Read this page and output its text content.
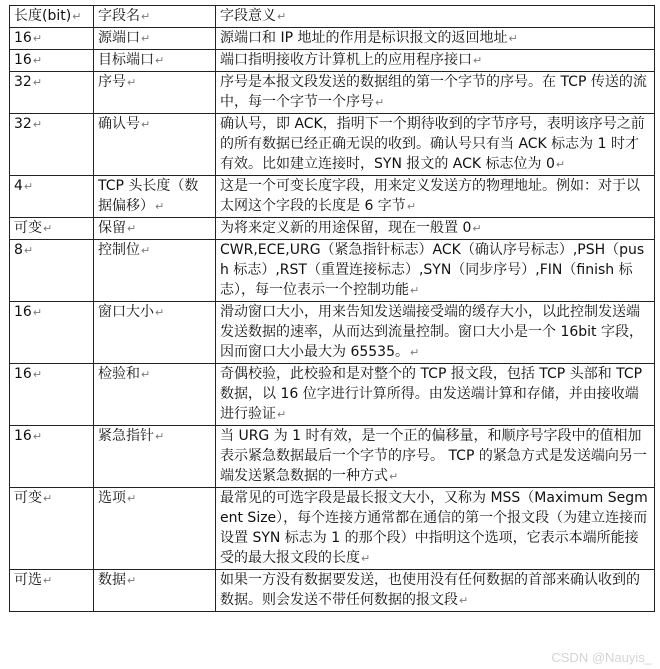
长度(bit)↵	字段名↵	字段意义↵
16↵	源端口↵	源端口和 IP 地址的作用是标识报文的返回地址↵
16↵	目标端口↵	端口指明接收方计算机上的应用程序接口↵
32↵	序号↵	序号是本报文段发送的数据组的第一个字节的序号。在 TCP 传送的流中，每一个字节一个序号↵
32↵	确认号↵	确认号，即 ACK，指明下一个期待收到的字节序号，表明该序号之前的所有数据已经正确无误的收到。确认号只有当 ACK 标志为 1 时才有效。比如建立连接时，SYN 报文的 ACK 标志位为 0↵
4↵	TCP 头长度（数据偏移）↵	这是一个可变长度字段，用来定义发送方的物理地址。例如：对于以太网这个字段的长度是 6 字节↵
可变↵	保留↵	为将来定义新的用途保留，现在一般置 0↵
8↵	控制位↵	CWR,ECE,URG（紧急指针标志）ACK（确认序号标志）,PSH（push 标志）,RST（重置连接标志）,SYN（同步序号）,FIN（finish 标志），每一位表示一个控制功能↵
16↵	窗口大小↵	滑动窗口大小，用来告知发送端接受端的缓存大小，以此控制发送端发送数据的速率，从而达到流量控制。窗口大小是一个 16bit 字段，因而窗口大小最大为 65535。↵
16↵	检验和↵	奇偶校验，此校验和是对整个的 TCP 报文段，包括 TCP 头部和 TCP 数据，以 16 位字进行计算所得。由发送端计算和存储，并由接收端进行验证↵
16↵	紧急指针↵	当 URG 为 1 时有效，是一个正的偏移量，和顺序号字段中的值相加表示紧急数据最后一个字节的序号。 TCP 的紧急方式是发送端向另一端发送紧急数据的一种方式↵
可变↵	选项↵	最常见的可选字段是最长报文大小，又称为 MSS（Maximum Segment Size），每个连接方通常都在通信的第一个报文段（为建立连接而设置 SYN 标志为 1 的那个段）中指明这个选项，它表示本端所能接受的最大报文段的长度↵
可选↵	数据↵	如果一方没有数据要发送，也使用没有任何数据的首部来确认收到的数据。则会发送不带任何数据的报文段↵
CSDN @Nauyis_
